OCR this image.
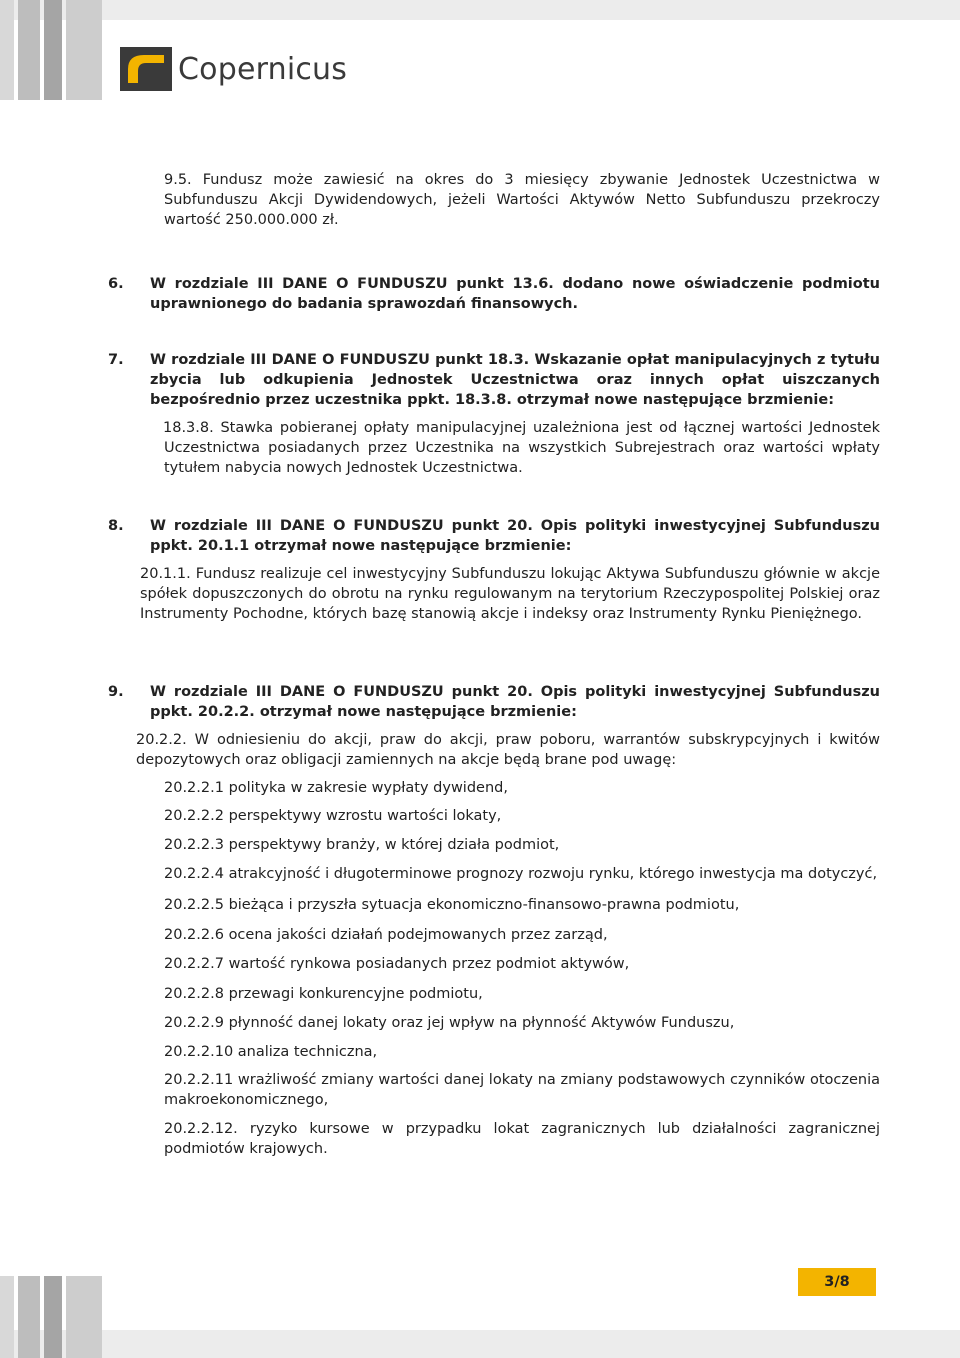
Copernicus

9.5. Fundusz może zawiesić na okres do 3 miesięcy zbywanie Jednostek Uczestnictwa w Subfunduszu Akcji Dywidendowych, jeżeli Wartości Aktywów Netto Subfunduszu przekroczy wartość 250.000.000 zł.

6. W rozdziale III DANE O FUNDUSZU punkt 13.6. dodano nowe oświadczenie podmiotu uprawnionego do badania sprawozdań finansowych.

7. W rozdziale III DANE O FUNDUSZU punkt 18.3. Wskazanie opłat manipulacyjnych z tytułu zbycia lub odkupienia Jednostek Uczestnictwa oraz innych opłat uiszczanych bezpośrednio przez uczestnika ppkt. 18.3.8. otrzymał nowe następujące brzmienie:

18.3.8. Stawka pobieranej opłaty manipulacyjnej uzależniona jest od łącznej wartości Jednostek Uczestnictwa posiadanych przez Uczestnika na wszystkich Subrejestrach oraz wartości wpłaty tytułem nabycia nowych Jednostek Uczestnictwa.

8. W rozdziale III DANE O FUNDUSZU punkt 20. Opis polityki inwestycyjnej Subfunduszu ppkt. 20.1.1 otrzymał nowe następujące brzmienie:

20.1.1. Fundusz realizuje cel inwestycyjny Subfunduszu lokując Aktywa Subfunduszu głównie w akcje spółek dopuszczonych do obrotu na rynku regulowanym na terytorium Rzeczypospolitej Polskiej oraz Instrumenty Pochodne, których bazę stanowią akcje i indeksy oraz Instrumenty Rynku Pieniężnego.

9. W rozdziale III DANE O FUNDUSZU punkt 20. Opis polityki inwestycyjnej Subfunduszu ppkt. 20.2.2. otrzymał nowe następujące brzmienie:

20.2.2. W odniesieniu do akcji, praw do akcji, praw poboru, warrantów subskrypcyjnych i kwitów depozytowych oraz obligacji zamiennych na akcje będą brane pod uwagę:

20.2.2.1 polityka w zakresie wypłaty dywidend,

20.2.2.2 perspektywy wzrostu wartości lokaty,

20.2.2.3 perspektywy branży, w której działa podmiot,

20.2.2.4 atrakcyjność i długoterminowe prognozy rozwoju rynku, którego inwestycja ma dotyczyć,

20.2.2.5 bieżąca i przyszła sytuacja ekonomiczno-finansowo-prawna podmiotu,

20.2.2.6 ocena jakości działań podejmowanych przez zarząd,

20.2.2.7 wartość rynkowa posiadanych przez podmiot aktywów,

20.2.2.8 przewagi konkurencyjne podmiotu,

20.2.2.9 płynność danej lokaty oraz jej wpływ na płynność Aktywów Funduszu,

20.2.2.10 analiza techniczna,

20.2.2.11 wrażliwość zmiany wartości danej lokaty na zmiany podstawowych czynników otoczenia makroekonomicznego,

20.2.2.12. ryzyko kursowe w przypadku lokat zagranicznych lub działalności zagranicznej podmiotów krajowych.

3/8
